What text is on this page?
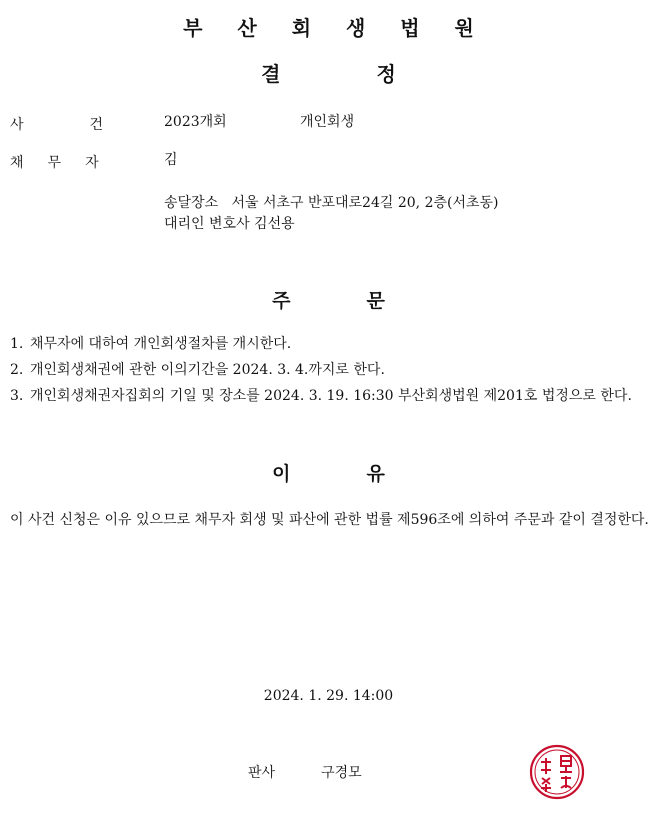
부 산 회 생 법 원
결	정
사	건	2023개회	개인회생
채 무 자	김
송달장소   서울 서초구 반포대로24길 20, 2층(서초동)
대리인 변호사 김선용
주	문
1. 채무자에 대하여 개인회생절차를 개시한다.
2. 개인회생채권에 관한 이의기간을 2024. 3. 4.까지로 한다.
3. 개인회생채권자집회의 기일 및 장소를 2024. 3. 19. 16:30 부산회생법원 제201호 법정으로 한다.
이	유
이 사건 신청은 이유 있으므로 채무자 회생 및 파산에 관한 법률 제596조에 의하여 주문과 같이 결정한다.
2024. 1. 29. 14:00
판사	구경모
